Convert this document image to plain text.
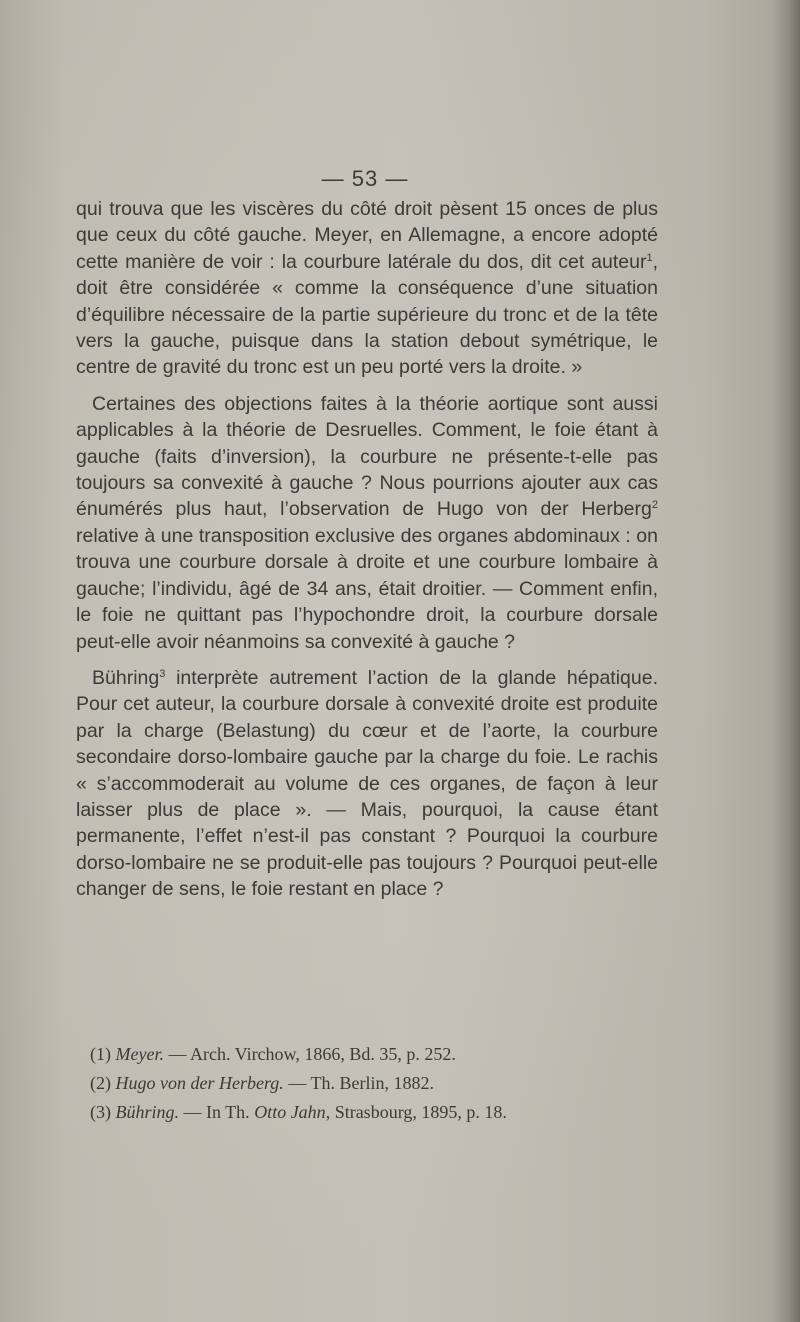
— 53 —

qui trouva que les viscères du côté droit pèsent 15 onces de plus que ceux du côté gauche. Meyer, en Allemagne, a encore adopté cette manière de voir : la courbure latérale du dos, dit cet auteur$^1$, doit être considérée « comme la conséquence d’une situation d’équilibre nécessaire de la partie supérieure du tronc et de la tête vers la gauche, puisque dans la station debout symétrique, le centre de gravité du tronc est un peu porté vers la droite. »

Certaines des objections faites à la théorie aortique sont aussi applicables à la théorie de Desruelles. Comment, le foie étant à gauche (faits d’inversion), la courbure ne présente-t-elle pas toujours sa convexité à gauche ? Nous pourrions ajouter aux cas énumérés plus haut, l’observation de Hugo von der Herberg$^2$ relative à une transposition exclusive des organes abdominaux : on trouva une courbure dorsale à droite et une courbure lombaire à gauche; l’individu, âgé de 34 ans, était droitier. — Comment enfin, le foie ne quittant pas l’hypochondre droit, la courbure dorsale peut-elle avoir néanmoins sa convexité à gauche ?

Bühring$^3$ interprète autrement l’action de la glande hépatique. Pour cet auteur, la courbure dorsale à convexité droite est produite par la charge (Belastung) du cœur et de l’aorte, la courbure secondaire dorso-lombaire gauche par la charge du foie. Le rachis « s’accommoderait au volume de ces organes, de façon à leur laisser plus de place ». — Mais, pourquoi, la cause étant permanente, l’effet n’est-il pas constant ? Pourquoi la courbure dorso-lombaire ne se produit-elle pas toujours ? Pourquoi peut-elle changer de sens, le foie restant en place ?

(1) Meyer. — Arch. Virchow, 1866, Bd. 35, p. 252.
(2) Hugo von der Herberg. — Th. Berlin, 1882.
(3) Bühring. — In Th. Otto Jahn, Strasbourg, 1895, p. 18.
